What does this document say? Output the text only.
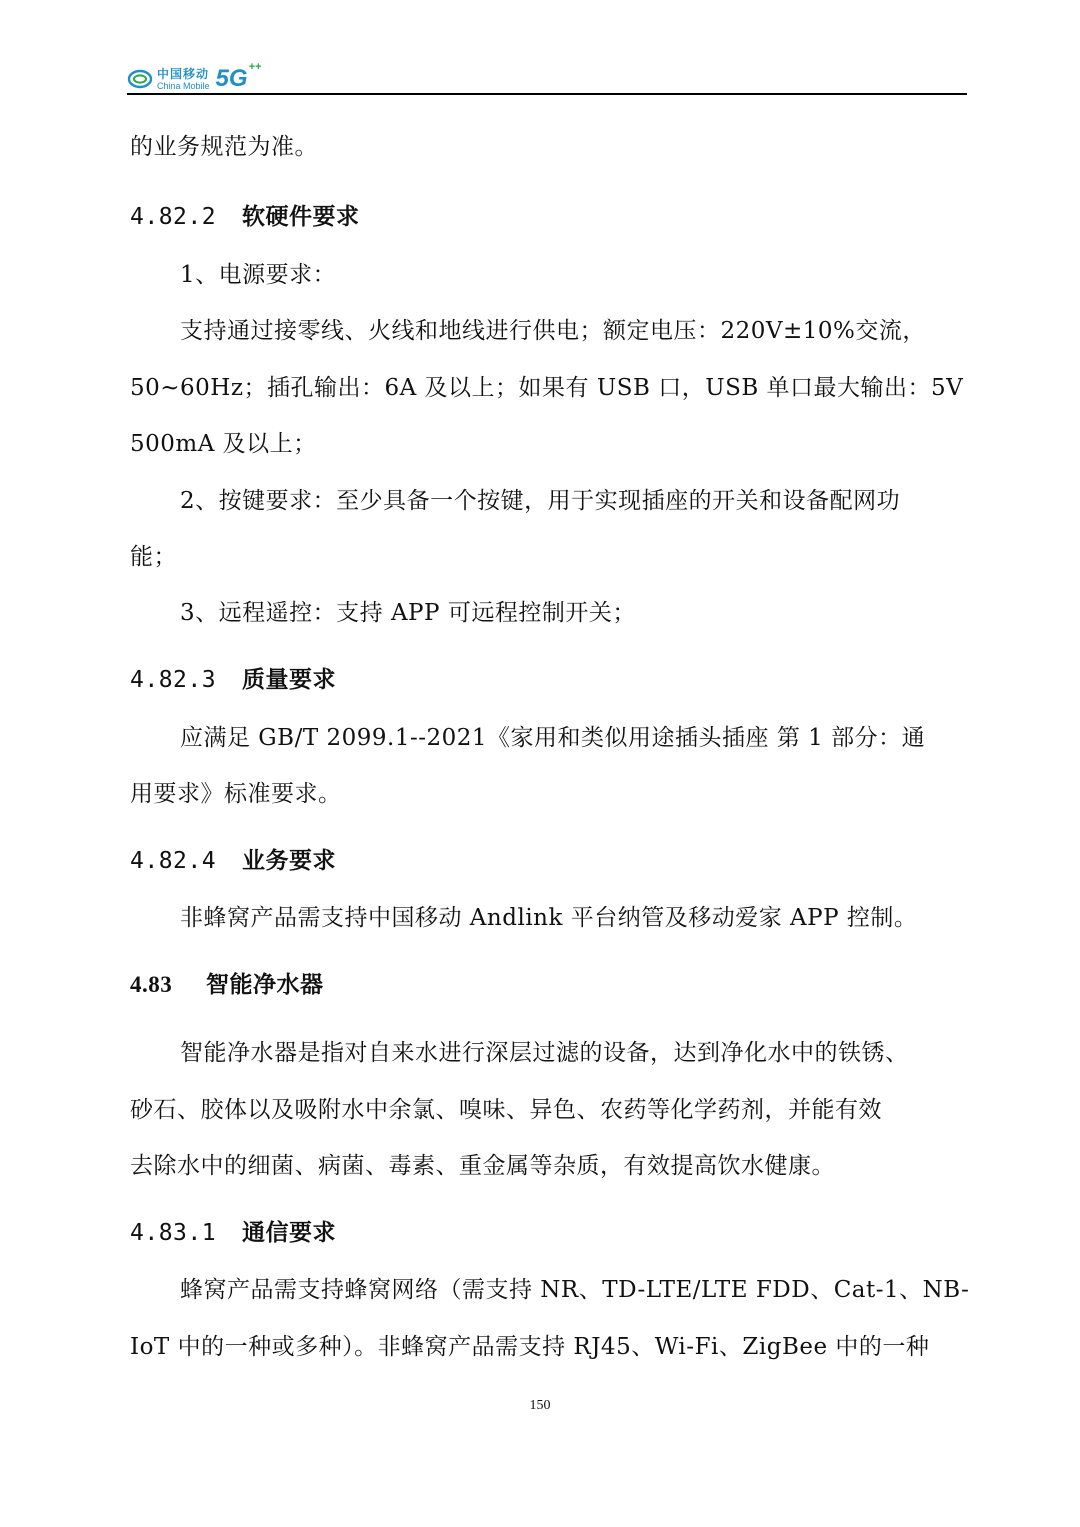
中国移动
China Mobile 5G ++
的业务规范为准。
4.82.2 软硬件要求
1、电源要求：
支持通过接零线、火线和地线进行供电；额定电压：220V±10%交流，
50~60Hz；插孔输出：6A 及以上；如果有 USB 口，USB 单口最大输出：5V
500mA 及以上；
2、按键要求：至少具备一个按键，用于实现插座的开关和设备配网功
能；
3、远程遥控：支持 APP 可远程控制开关；
4.82.3 质量要求
应满足 GB/T 2099.1--2021《家用和类似用途插头插座 第 1 部分：通
用要求》标准要求。
4.82.4 业务要求
非蜂窝产品需支持中国移动 Andlink 平台纳管及移动爱家 APP 控制。
4.83 智能净水器
智能净水器是指对自来水进行深层过滤的设备，达到净化水中的铁锈、
砂石、胶体以及吸附水中余氯、嗅味、异色、农药等化学药剂，并能有效
去除水中的细菌、病菌、毒素、重金属等杂质，有效提高饮水健康。
4.83.1 通信要求
蜂窝产品需支持蜂窝网络（需支持 NR、TD-LTE/LTE FDD、Cat-1、NB-
IoT 中的一种或多种）。非蜂窝产品需支持 RJ45、Wi-Fi、ZigBee 中的一种
150
